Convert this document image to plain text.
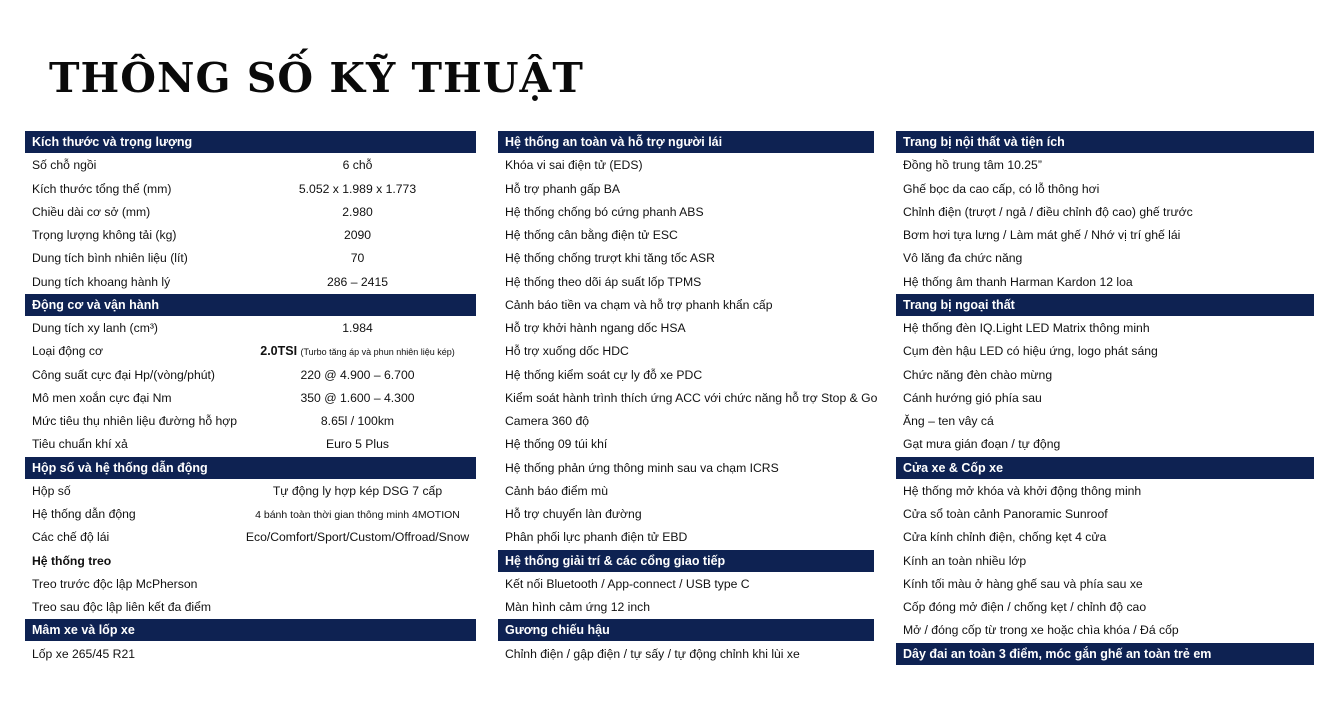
THÔNG SỐ KỸ THUẬT
Kích thước và trọng lượng
Số chỗ ngồi	6 chỗ
Kích thước tổng thể (mm)	5.052 x 1.989 x 1.773
Chiều dài cơ sở (mm)	2.980
Trọng lượng không tải (kg)	2090
Dung tích bình nhiên liệu (lít)	70
Dung tích khoang hành lý	286 – 2415
Động cơ và vận hành
Dung tích xy lanh (cm³)	1.984
Loại động cơ	2.0TSI (Turbo tăng áp và phun nhiên liệu kép)
Công suất cực đại Hp/(vòng/phút)	220 @ 4.900 – 6.700
Mô men xoắn cực đại Nm	350 @ 1.600 – 4.300
Mức tiêu thụ nhiên liệu đường hỗ hợp	8.65l / 100km
Tiêu chuẩn khí xả	Euro 5 Plus
Hộp số và hệ thống dẫn động
Hộp số	Tự động ly hợp kép DSG 7 cấp
Hệ thống dẫn động	4 bánh toàn thời gian thông minh 4MOTION
Các chế độ lái	Eco/Comfort/Sport/Custom/Offroad/Snow
Hệ thống treo
Treo trước độc lập McPherson
Treo sau độc lập liên kết đa điểm
Mâm xe và lốp xe
Lốp xe 265/45 R21
Hệ thống an toàn và hỗ trợ người lái
Khóa vi sai điện tử (EDS)
Hỗ trợ phanh gấp BA
Hệ thống chống bó cứng phanh ABS
Hệ thống cân bằng điện tử ESC
Hệ thống chống trượt khi tăng tốc ASR
Hệ thống theo dõi áp suất lốp TPMS
Cảnh báo tiền va chạm và hỗ trợ phanh khẩn cấp
Hỗ trợ khởi hành ngang dốc HSA
Hỗ trợ xuống dốc HDC
Hệ thống kiểm soát cự ly đỗ xe PDC
Kiểm soát hành trình thích ứng ACC với chức năng hỗ trợ Stop & Go
Camera 360 độ
Hệ thống 09 túi khí
Hệ thống phản ứng thông minh sau va chạm ICRS
Cảnh báo điểm mù
Hỗ trợ chuyển làn đường
Phân phối lực phanh điện tử EBD
Hệ thống giải trí & các cổng giao tiếp
Kết nối Bluetooth / App-connect / USB type C
Màn hình cảm ứng 12 inch
Gương chiếu hậu
Chỉnh điện / gập điện / tự sấy / tự động chỉnh khi lùi xe
Trang bị nội thất và tiện ích
Đồng hồ trung tâm 10.25”
Ghế bọc da cao cấp, có lỗ thông hơi
Chỉnh điện (trượt / ngả / điều chỉnh độ cao) ghế trước
Bơm hơi tựa lưng / Làm mát ghế / Nhớ vị trí ghế lái
Vô lăng đa chức năng
Hệ thống âm thanh Harman Kardon 12 loa
Trang bị ngoại thất
Hệ thống đèn IQ.Light LED Matrix thông minh
Cụm đèn hậu LED có hiệu ứng, logo phát sáng
Chức năng đèn chào mừng
Cánh hướng gió phía sau
Ăng – ten vây cá
Gạt mưa gián đoạn / tự động
Cửa xe & Cốp xe
Hệ thống mở khóa và khởi động thông minh
Cửa sổ toàn cảnh Panoramic Sunroof
Cửa kính chỉnh điện, chống kẹt 4 cửa
Kính an toàn nhiều lớp
Kính tối màu ở hàng ghế sau và phía sau xe
Cốp đóng mở điện / chống kẹt / chỉnh độ cao
Mở / đóng cốp từ trong xe hoặc chìa khóa / Đá cốp
Dây đai an toàn 3 điểm, móc gắn ghế an toàn trẻ em
